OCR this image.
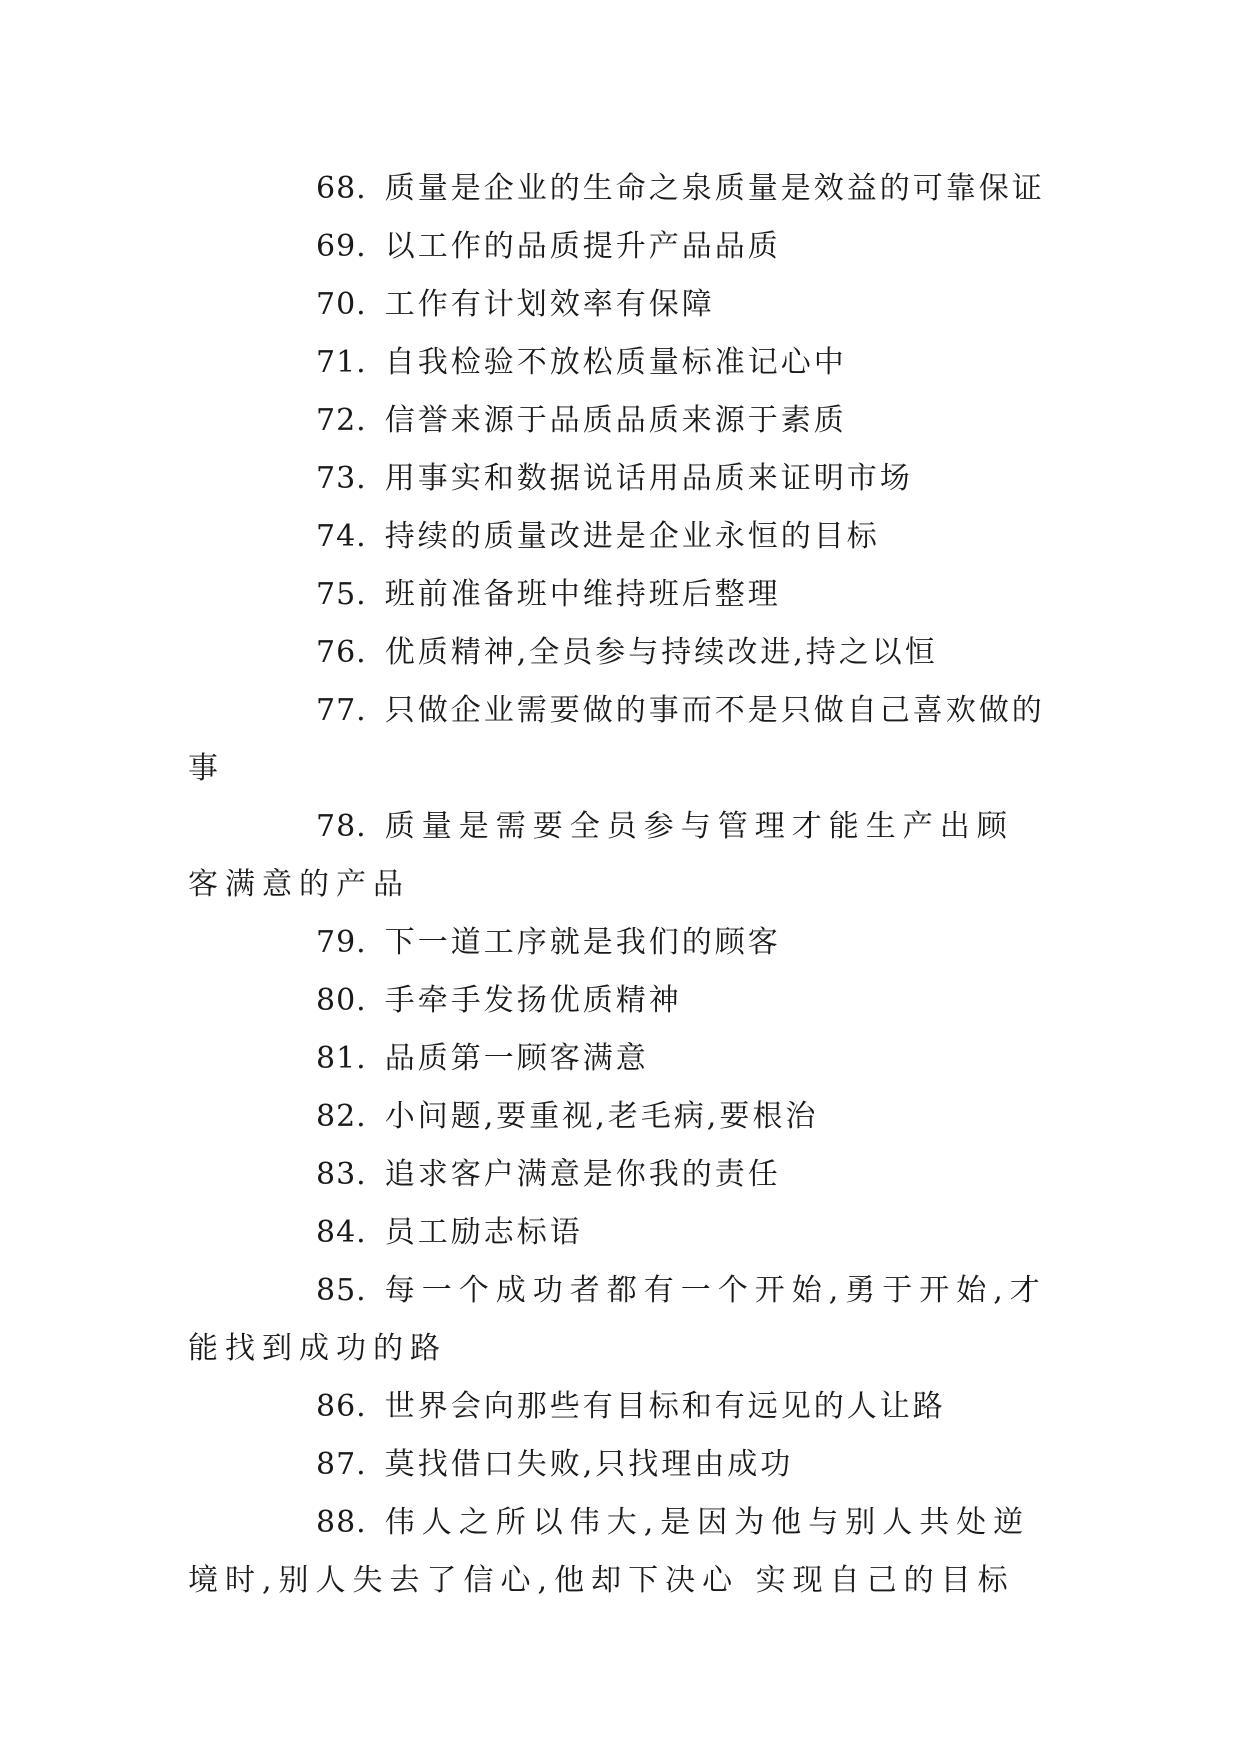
68. 质量是企业的生命之泉质量是效益的可靠保证
69. 以工作的品质提升产品品质
70. 工作有计划效率有保障
71. 自我检验不放松质量标准记心中
72. 信誉来源于品质品质来源于素质
73. 用事实和数据说话用品质来证明市场
74. 持续的质量改进是企业永恒的目标
75. 班前准备班中维持班后整理
76. 优质精神,全员参与持续改进,持之以恒
77. 只做企业需要做的事而不是只做自己喜欢做的事
78. 质量是需要全员参与管理才能生产出顾客满意的产品
79. 下一道工序就是我们的顾客
80. 手牵手发扬优质精神
81. 品质第一顾客满意
82. 小问题,要重视,老毛病,要根治
83. 追求客户满意是你我的责任
84. 员工励志标语
85. 每一个成功者都有一个开始,勇于开始,才能找到成功的路
86. 世界会向那些有目标和有远见的人让路
87. 莫找借口失败,只找理由成功
88. 伟人之所以伟大,是因为他与别人共处逆境时,别人失去了信心,他却下决心 实现自己的目标
